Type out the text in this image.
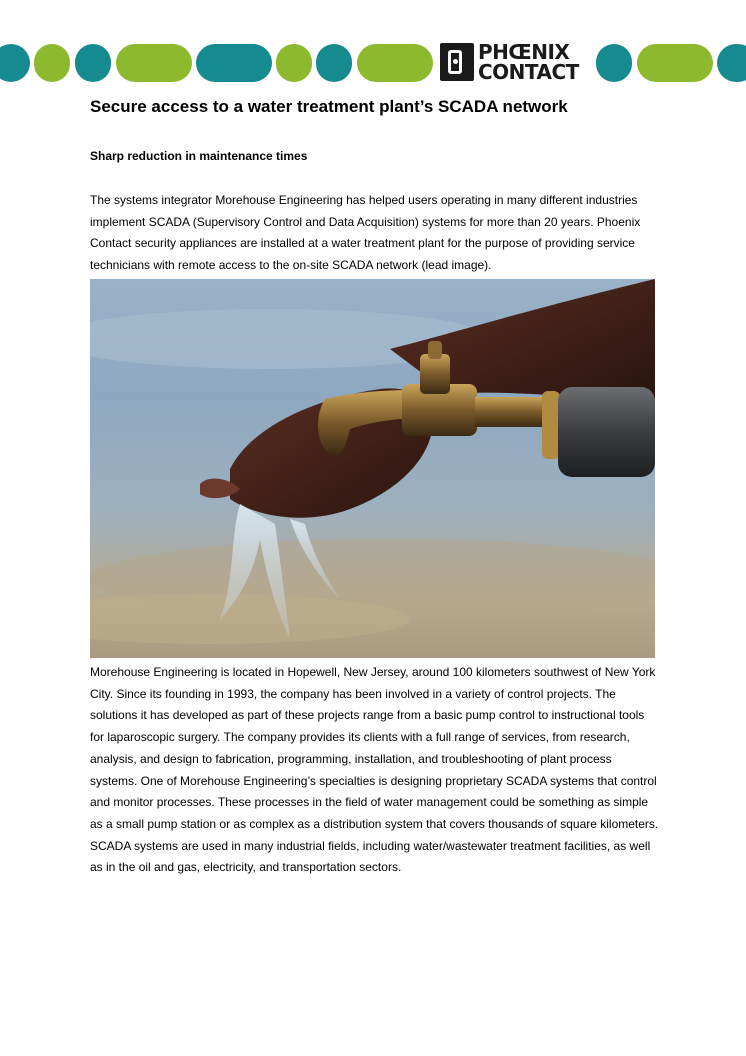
PHŒNIX
CONTACT
Secure access to a water treatment plant’s SCADA network
Sharp reduction in maintenance times

The systems integrator Morehouse Engineering has helped users operating in many different industries implement SCADA (Supervisory Control and Data Acquisition) systems for more than 20 years. Phoenix Contact security appliances are installed at a water treatment plant for the purpose of providing service technicians with remote access to the on-site SCADA network (lead image).

Morehouse Engineering is located in Hopewell, New Jersey, around 100 kilometers southwest of New York City. Since its founding in 1993, the company has been involved in a variety of control projects. The solutions it has developed as part of these projects range from a basic pump control to instructional tools for laparoscopic surgery. The company provides its clients with a full range of services, from research, analysis, and design to fabrication, programming, installation, and troubleshooting of plant process systems. One of Morehouse Engineering’s specialties is designing proprietary SCADA systems that control and monitor processes. These processes in the field of water management could be something as simple as a small pump station or as complex as a distribution system that covers thousands of square kilometers. SCADA systems are used in many industrial fields, including water/wastewater treatment facilities, as well as in the oil and gas, electricity, and transportation sectors.
